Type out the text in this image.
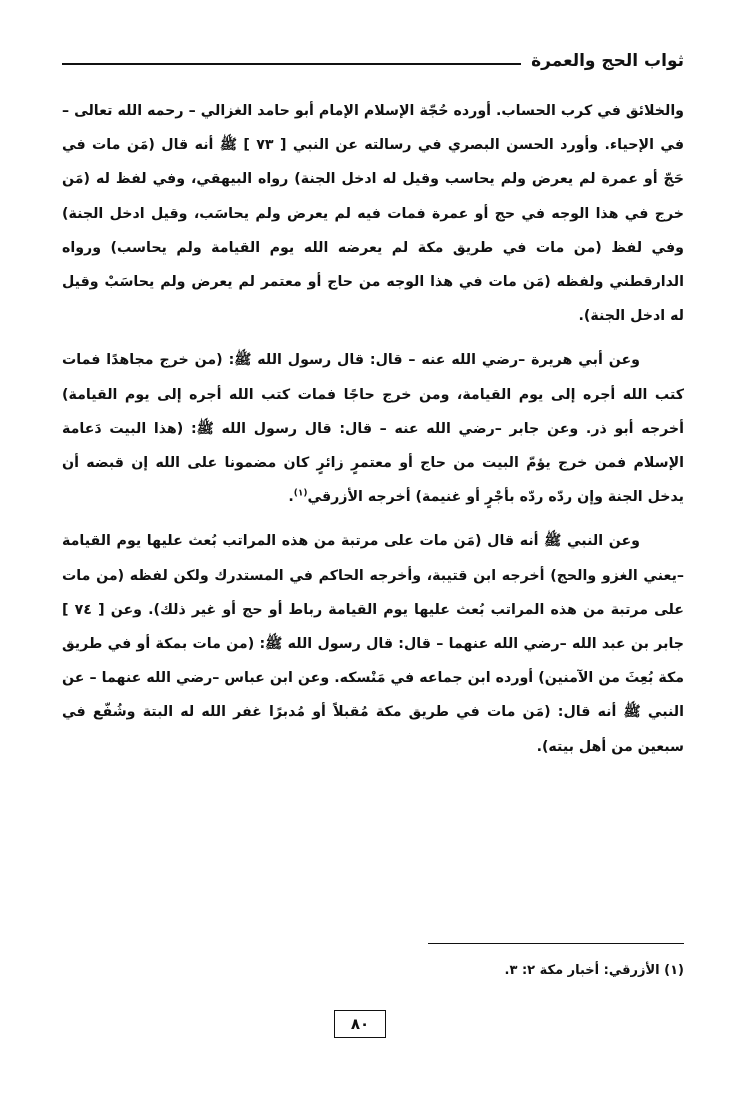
ثواب الحج والعمرة

والخلائق في كرب الحساب. أورده حُجّة الإسلام الإمام أبو حامد الغزالي – رحمه الله تعالى – في الإحياء. وأورد الحسن البصري في رسالته عن النبي [ ٧٣ ] ﷺ أنه قال (مَن مات في حَجّ أو عمرة لم يعرض ولم يحاسب وقيل له ادخل الجنة) رواه البيهقي، وفي لفظ له (مَن خرج في هذا الوجه في حج أو عمرة فمات فيه لم يعرض ولم يحاسَب، وقيل ادخل الجنة) وفي لفظ (من مات في طريق مكة لم يعرضه الله يوم القيامة ولم يحاسب) ورواه الدارقطني ولفظه (مَن مات في هذا الوجه من حاج أو معتمر لم يعرض ولم يحاسَبْ وقيل له ادخل الجنة).

وعن أبي هريرة –رضي الله عنه – قال: قال رسول الله ﷺ: (من خرج مجاهدًا فمات كتب الله أجره إلى يوم القيامة، ومن خرج حاجًا فمات كتب الله أجره إلى يوم القيامة) أخرجه أبو ذر. وعن جابر –رضي الله عنه – قال: قال رسول الله ﷺ: (هذا البيت دَعامة الإسلام فمن خرج يؤمّ البيت من حاج أو معتمرٍ زائرٍ كان مضمونا على الله إن قبضه أن يدخل الجنة وإن ردّه ردّه بأجْرٍ أو غنيمة) أخرجه الأزرقي$^{(١)}$.

وعن النبي ﷺ أنه قال (مَن مات على مرتبة من هذه المراتب بُعث عليها يوم القيامة –يعني الغزو والحج) أخرجه ابن قتيبة، وأخرجه الحاكم في المستدرك ولكن لفظه (من مات على مرتبة من هذه المراتب بُعث عليها يوم القيامة رباط أو حج أو غير ذلك). وعن [ ٧٤ ] جابر بن عبد الله –رضي الله عنهما – قال: قال رسول الله ﷺ: (من مات بمكة أو في طريق مكة بُعِثَ من الآمنين) أورده ابن جماعه في مَنْسكه. وعن ابن عباس –رضي الله عنهما – عن النبي ﷺ أنه قال: (مَن مات في طريق مكة مُقبلاً أو مُدبرًا غفر الله له البتة وشُفّع في سبعين من أهل بيته).

(١) الأزرقي: أخبار مكة ٢: ٣.
٨٠
